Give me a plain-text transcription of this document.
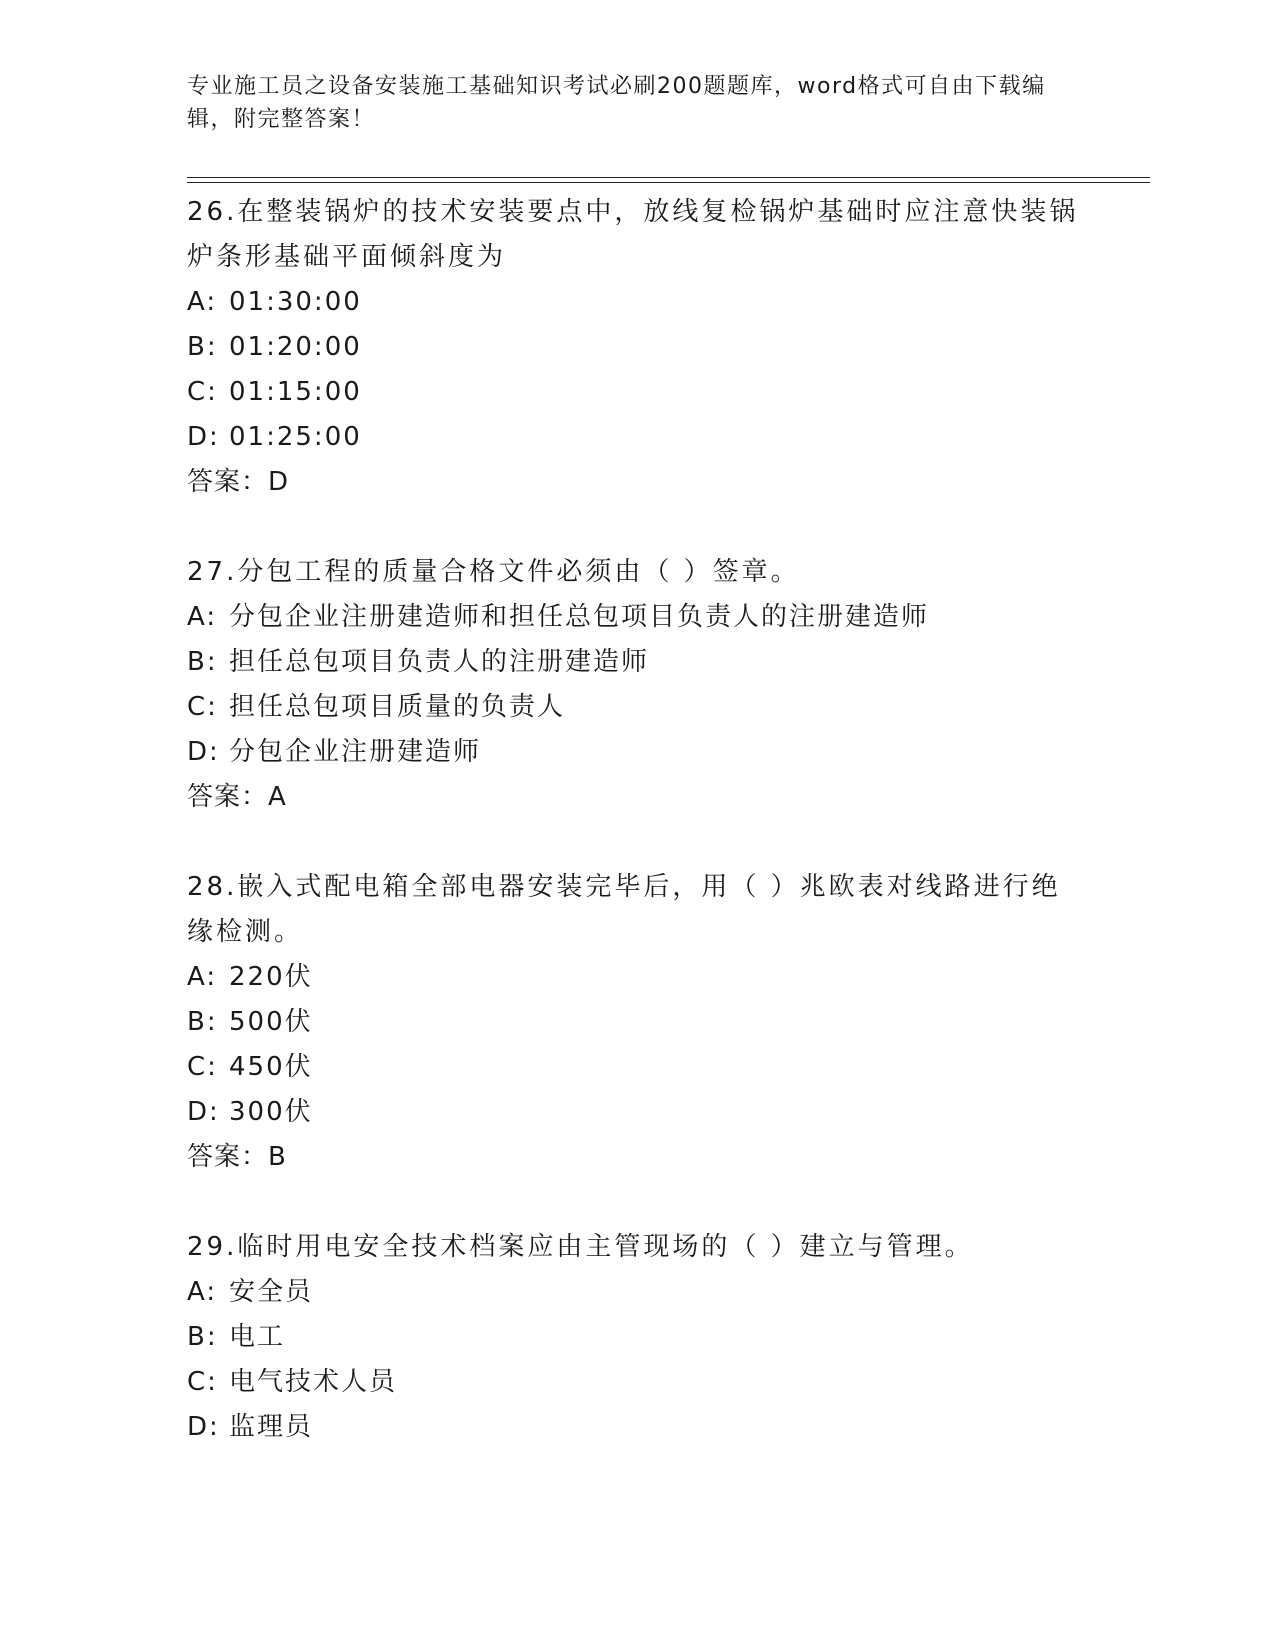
专业施工员之设备安装施工基础知识考试必刷200题题库，word格式可自由下载编辑，附完整答案！
26.在整装锅炉的技术安装要点中，放线复检锅炉基础时应注意快装锅炉条形基础平面倾斜度为
A: 01:30:00
B: 01:20:00
C: 01:15:00
D: 01:25:00
答案：D
27.分包工程的质量合格文件必须由（ ）签章。
A: 分包企业注册建造师和担任总包项目负责人的注册建造师
B: 担任总包项目负责人的注册建造师
C: 担任总包项目质量的负责人
D: 分包企业注册建造师
答案：A
28.嵌入式配电箱全部电器安装完毕后，用（ ）兆欧表对线路进行绝缘检测。
A: 220伏
B: 500伏
C: 450伏
D: 300伏
答案：B
29.临时用电安全技术档案应由主管现场的（ ）建立与管理。
A: 安全员
B: 电工
C: 电气技术人员
D: 监理员
